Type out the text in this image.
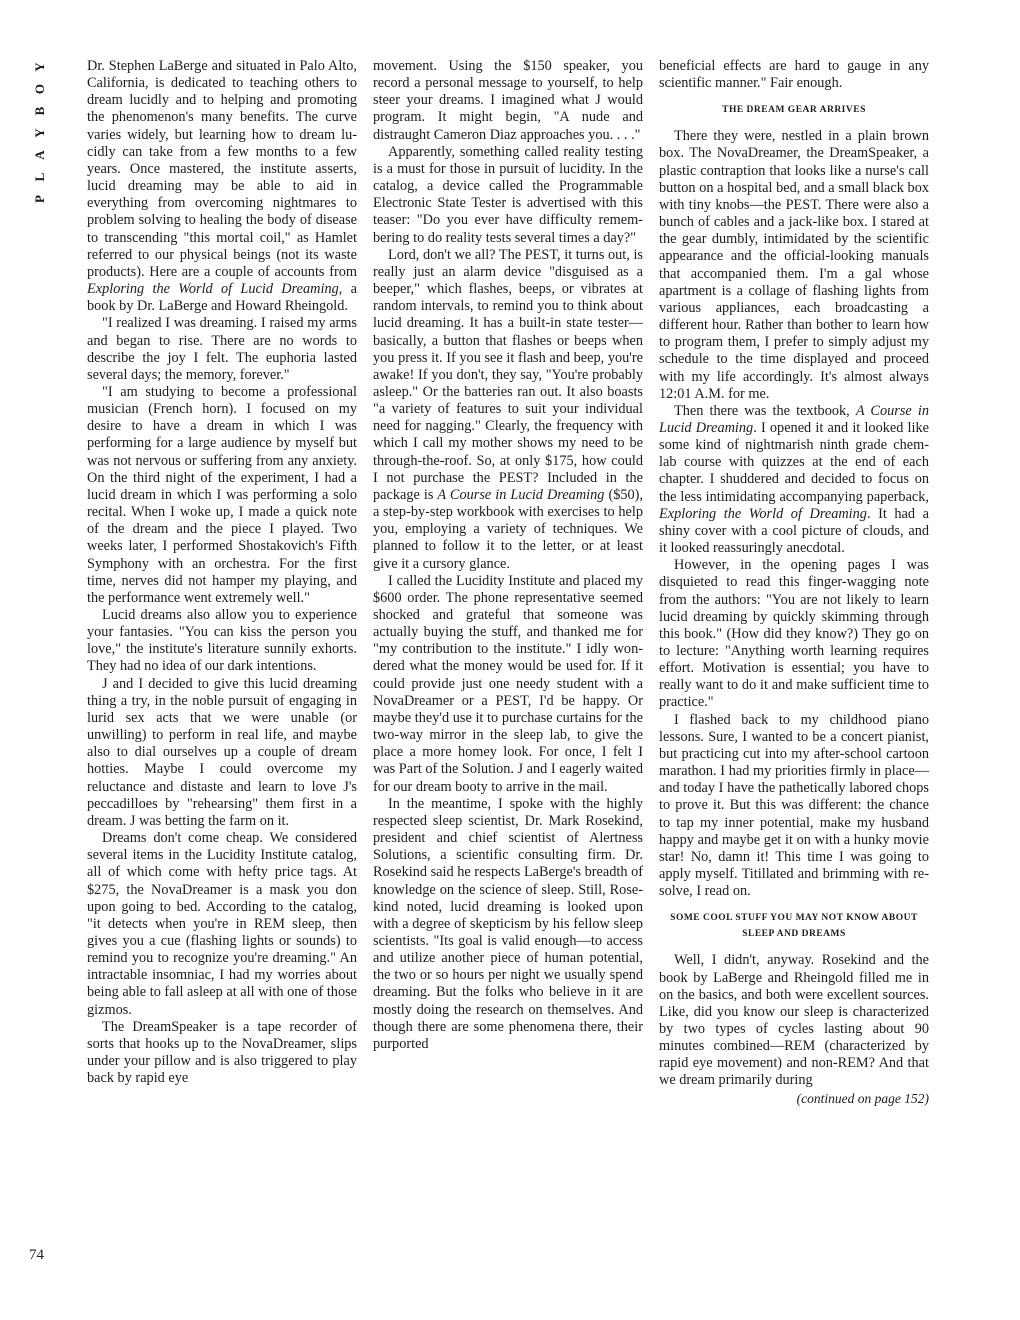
Y
O
B
Y
A
L
P
74

Dr. Stephen LaBerge and situated in Palo Alto, California, is dedicated to teaching others to dream lucidly and to helping and promoting the phenomenon's many benefits. The curve varies widely, but learning how to dream lucidly can take from a few months to a few years. Once mastered, the institute asserts, lucid dreaming may be able to aid in everything from overcoming nightmares to problem solving to healing the body of disease to transcending "this mortal coil," as Hamlet referred to our physical beings (not its waste products). Here are a couple of accounts from Exploring the World of Lucid Dreaming, a book by Dr. LaBerge and Howard Rheingold.

"I realized I was dreaming. I raised my arms and began to rise. There are no words to describe the joy I felt. The euphoria lasted several days; the memory, forever."

"I am studying to become a professional musician (French horn). I focused on my desire to have a dream in which I was performing for a large audience by myself but was not nervous or suffering from any anxiety. On the third night of the experiment, I had a lucid dream in which I was performing a solo recital. When I woke up, I made a quick note of the dream and the piece I played. Two weeks later, I performed Shostakovich's Fifth Symphony with an orchestra. For the first time, nerves did not hamper my playing, and the performance went extremely well."

Lucid dreams also allow you to experience your fantasies. "You can kiss the person you love," the institute's literature sunnily exhorts. They had no idea of our dark intentions.

J and I decided to give this lucid dreaming thing a try, in the noble pursuit of engaging in lurid sex acts that we were unable (or unwilling) to perform in real life, and maybe also to dial ourselves up a couple of dream hotties. Maybe I could overcome my reluctance and distaste and learn to love J's peccadilloes by "rehearsing" them first in a dream. J was betting the farm on it.

Dreams don't come cheap. We considered several items in the Lucidity Institute catalog, all of which come with hefty price tags. At $275, the NovaDreamer is a mask you don upon going to bed. According to the catalog, "it detects when you're in REM sleep, then gives you a cue (flashing lights or sounds) to remind you to recognize you're dreaming." An intractable insomniac, I had my worries about being able to fall asleep at all with one of those gizmos.

The DreamSpeaker is a tape recorder of sorts that hooks up to the NovaDreamer, slips under your pillow and is also triggered to play back by rapid eye

movement. Using the $150 speaker, you record a personal message to yourself, to help steer your dreams. I imagined what J would program. It might begin, "A nude and distraught Cameron Diaz approaches you. . . ."

Apparently, something called reality testing is a must for those in pursuit of lucidity. In the catalog, a device called the Programmable Electronic State Tester is advertised with this teaser: "Do you ever have difficulty remembering to do reality tests several times a day?"

Lord, don't we all? The PEST, it turns out, is really just an alarm device "disguised as a beeper," which flashes, beeps, or vibrates at random intervals, to remind you to think about lucid dreaming. It has a built-in state tester—basically, a button that flashes or beeps when you press it. If you see it flash and beep, you're awake! If you don't, they say, "You're probably asleep." Or the batteries ran out. It also boasts "a variety of features to suit your individual need for nagging." Clearly, the frequency with which I call my mother shows my need to be through-the-roof. So, at only $175, how could I not purchase the PEST? Included in the package is A Course in Lucid Dreaming ($50), a step-by-step workbook with exercises to help you, employing a variety of techniques. We planned to follow it to the letter, or at least give it a cursory glance.

I called the Lucidity Institute and placed my $600 order. The phone representative seemed shocked and grateful that someone was actually buying the stuff, and thanked me for "my contribution to the institute." I idly wondered what the money would be used for. If it could provide just one needy student with a NovaDreamer or a PEST, I'd be happy. Or maybe they'd use it to purchase curtains for the two-way mirror in the sleep lab, to give the place a more homey look. For once, I felt I was Part of the Solution. J and I eagerly waited for our dream booty to arrive in the mail.

In the meantime, I spoke with the highly respected sleep scientist, Dr. Mark Rosekind, president and chief scientist of Alertness Solutions, a scientific consulting firm. Dr. Rosekind said he respects LaBerge's breadth of knowledge on the science of sleep. Still, Rosekind noted, lucid dreaming is looked upon with a degree of skepticism by his fellow sleep scientists. "Its goal is valid enough—to access and utilize another piece of human potential, the two or so hours per night we usually spend dreaming. But the folks who believe in it are mostly doing the research on themselves. And though there are some phenomena there, their purported

beneficial effects are hard to gauge in any scientific manner." Fair enough.

THE DREAM GEAR ARRIVES

There they were, nestled in a plain brown box. The NovaDreamer, the DreamSpeaker, a plastic contraption that looks like a nurse's call button on a hospital bed, and a small black box with tiny knobs—the PEST. There were also a bunch of cables and a jack-like box. I stared at the gear dumbly, intimidated by the scientific appearance and the official-looking manuals that accompanied them. I'm a gal whose apartment is a collage of flashing lights from various appliances, each broadcasting a different hour. Rather than bother to learn how to program them, I prefer to simply adjust my schedule to the time displayed and proceed with my life accordingly. It's almost always 12:01 A.M. for me.

Then there was the textbook, A Course in Lucid Dreaming. I opened it and it looked like some kind of nightmarish ninth grade chem-lab course with quizzes at the end of each chapter. I shuddered and decided to focus on the less intimidating accompanying paperback, Exploring the World of Dreaming. It had a shiny cover with a cool picture of clouds, and it looked reassuringly anecdotal.

However, in the opening pages I was disquieted to read this finger-wagging note from the authors: "You are not likely to learn lucid dreaming by quickly skimming through this book." (How did they know?) They go on to lecture: "Anything worth learning requires effort. Motivation is essential; you have to really want to do it and make sufficient time to practice."

I flashed back to my childhood piano lessons. Sure, I wanted to be a concert pianist, but practicing cut into my after-school cartoon marathon. I had my priorities firmly in place—and today I have the pathetically labored chops to prove it. But this was different: the chance to tap my inner potential, make my husband happy and maybe get it on with a hunky movie star! No, damn it! This time I was going to apply myself. Titillated and brimming with resolve, I read on.

SOME COOL STUFF YOU MAY NOT KNOW ABOUT SLEEP AND DREAMS

Well, I didn't, anyway. Rosekind and the book by LaBerge and Rheingold filled me in on the basics, and both were excellent sources. Like, did you know our sleep is characterized by two types of cycles lasting about 90 minutes combined—REM (characterized by rapid eye movement) and non-REM? And that we dream primarily during

(continued on page 152)
